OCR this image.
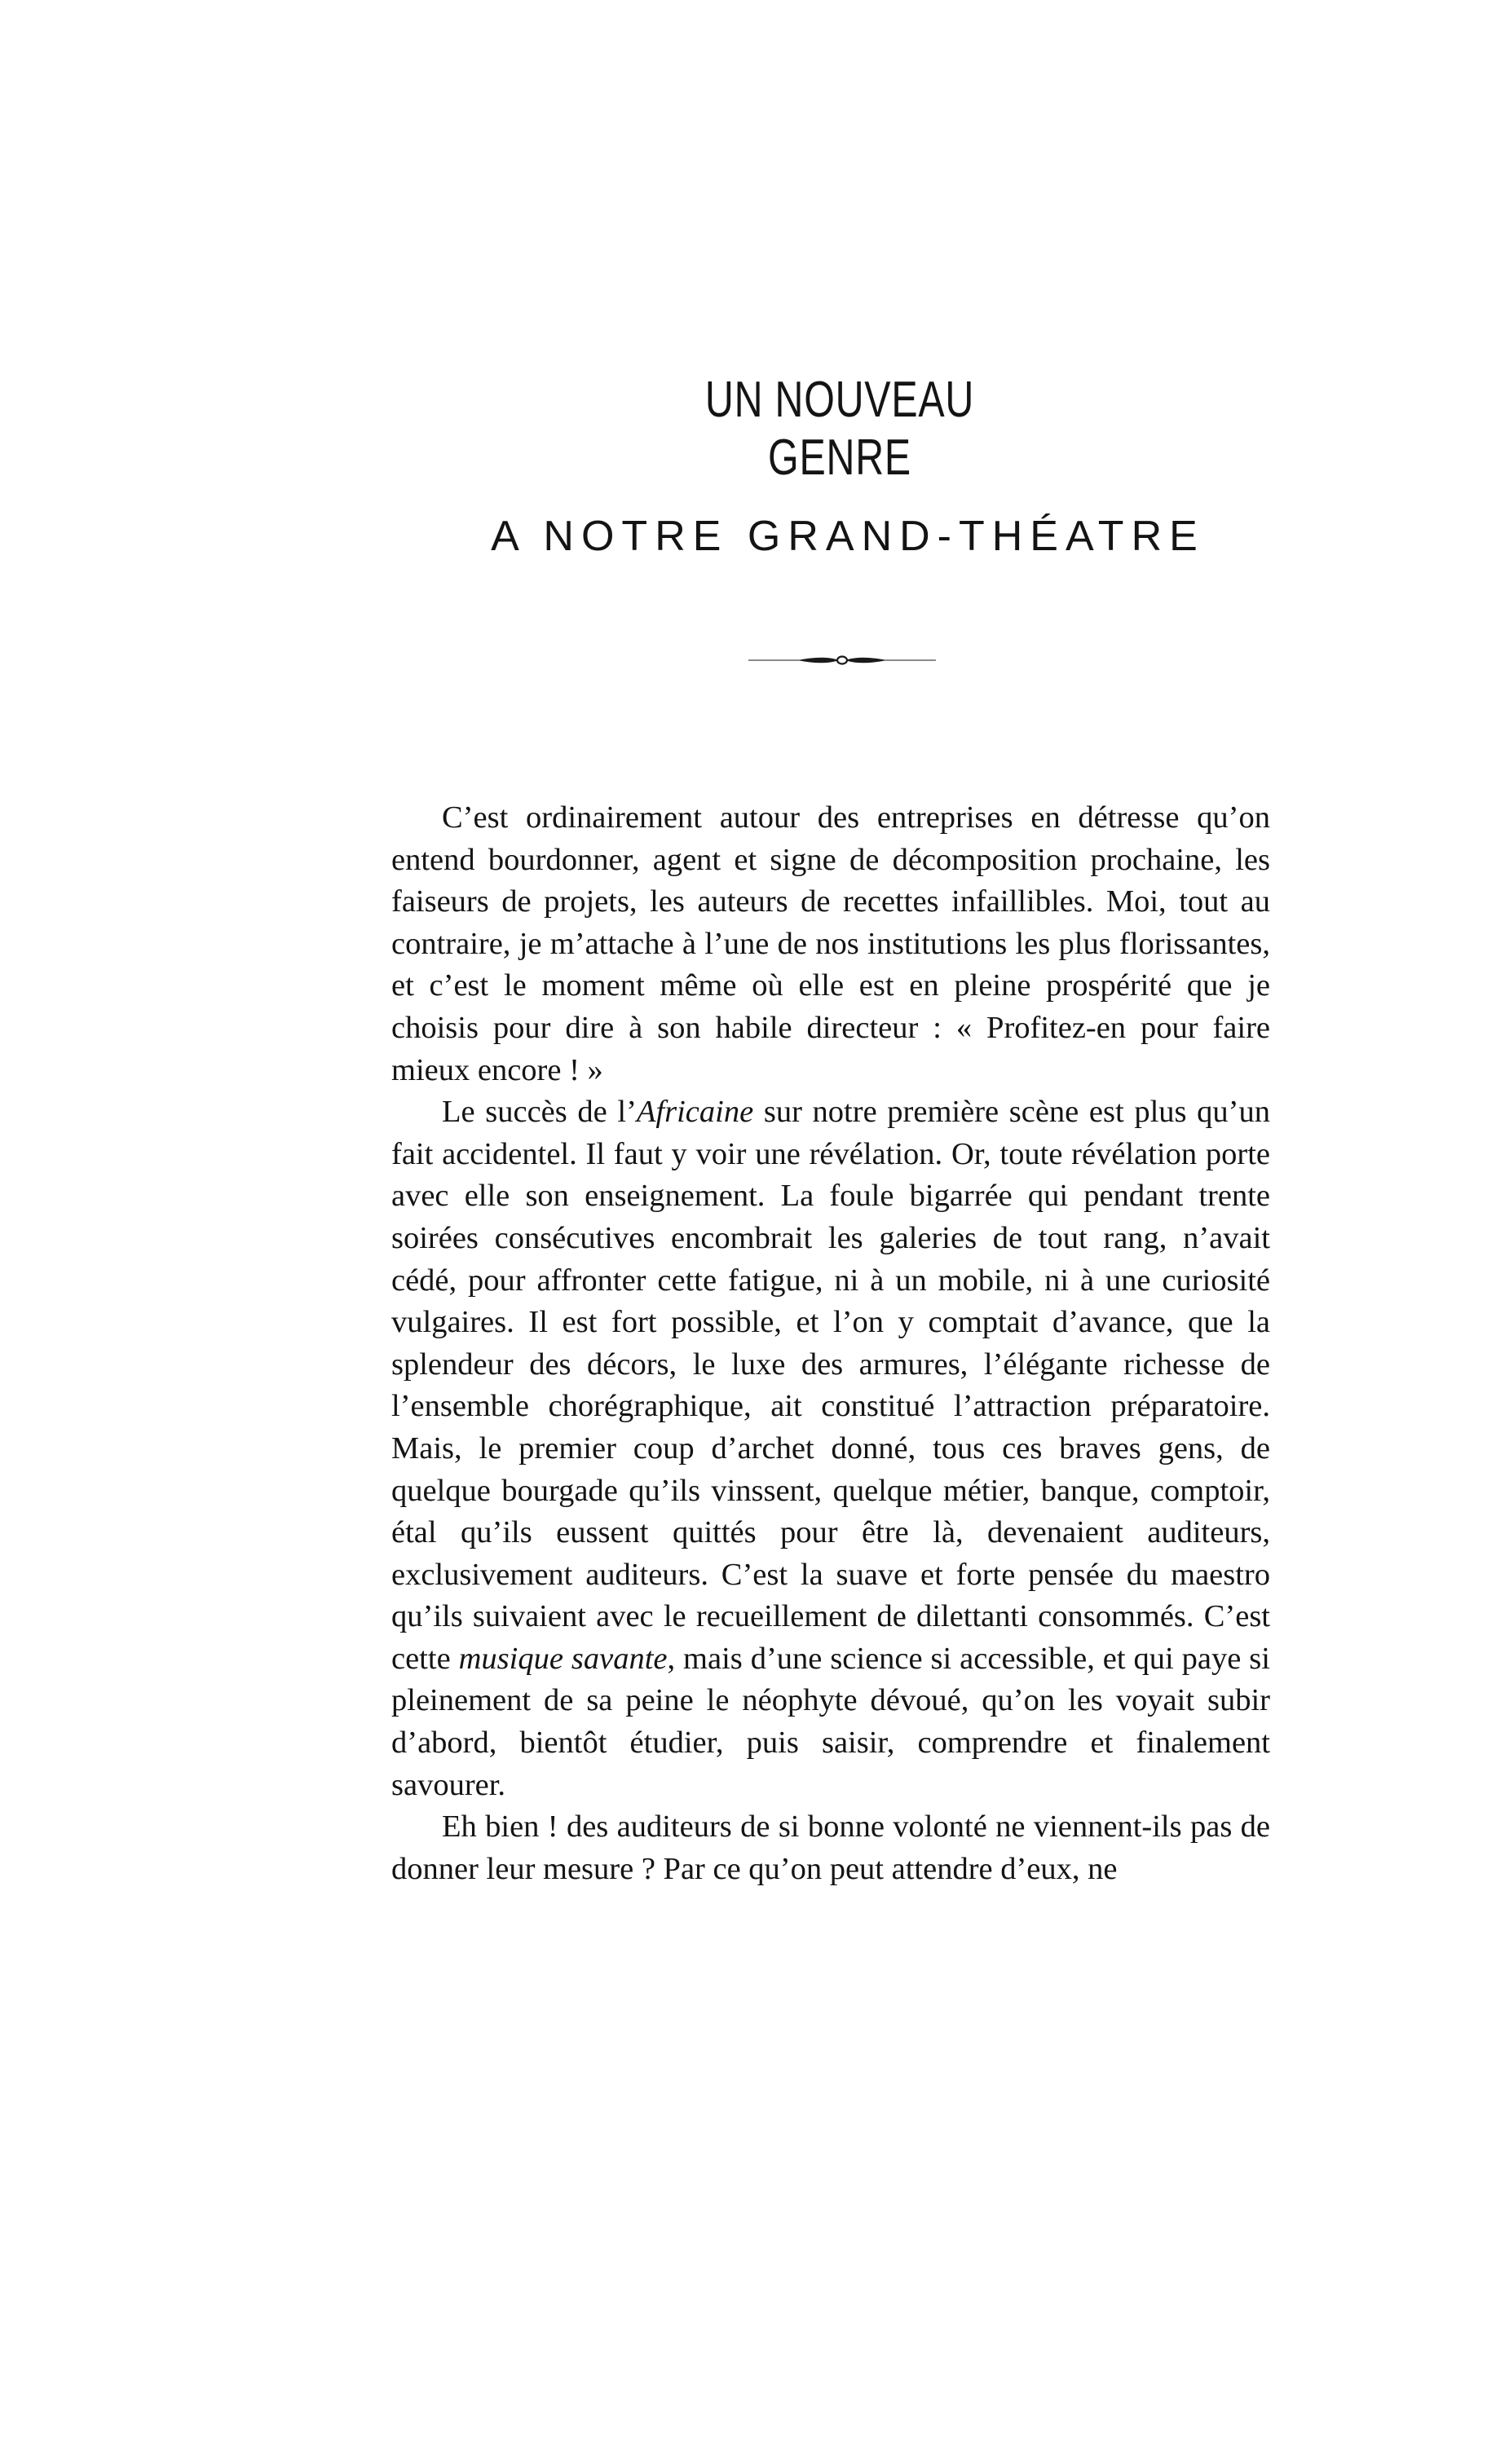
UN NOUVEAU GENRE
A NOTRE GRAND-THÉATRE

C’est ordinairement autour des entreprises en détresse qu’on entend bourdonner, agent et signe de décomposition prochaine, les faiseurs de projets, les auteurs de recettes infaillibles. Moi, tout au contraire, je m’attache à l’une de nos institutions les plus florissantes, et c’est le moment même où elle est en pleine prospérité que je choisis pour dire à son habile directeur : « Profitez-en pour faire mieux encore ! »

Le succès de l’Africaine sur notre première scène est plus qu’un fait accidentel. Il faut y voir une révélation. Or, toute révélation porte avec elle son enseignement. La foule bigarrée qui pendant trente soirées consécutives encombrait les galeries de tout rang, n’avait cédé, pour affronter cette fatigue, ni à un mobile, ni à une curiosité vulgaires. Il est fort possible, et l’on y comptait d’avance, que la splendeur des décors, le luxe des armures, l’élégante richesse de l’ensemble chorégraphique, ait constitué l’attraction préparatoire. Mais, le premier coup d’archet donné, tous ces braves gens, de quelque bourgade qu’ils vinssent, quelque métier, banque, comptoir, étal qu’ils eussent quittés pour être là, devenaient auditeurs, exclusivement auditeurs. C’est la suave et forte pensée du maestro qu’ils suivaient avec le recueillement de dilettanti consommés. C’est cette musique savante, mais d’une science si accessible, et qui paye si pleinement de sa peine le néophyte dévoué, qu’on les voyait subir d’abord, bientôt étudier, puis saisir, comprendre et finalement savourer.

Eh bien ! des auditeurs de si bonne volonté ne viennent-ils pas de donner leur mesure ? Par ce qu’on peut attendre d’eux, ne
